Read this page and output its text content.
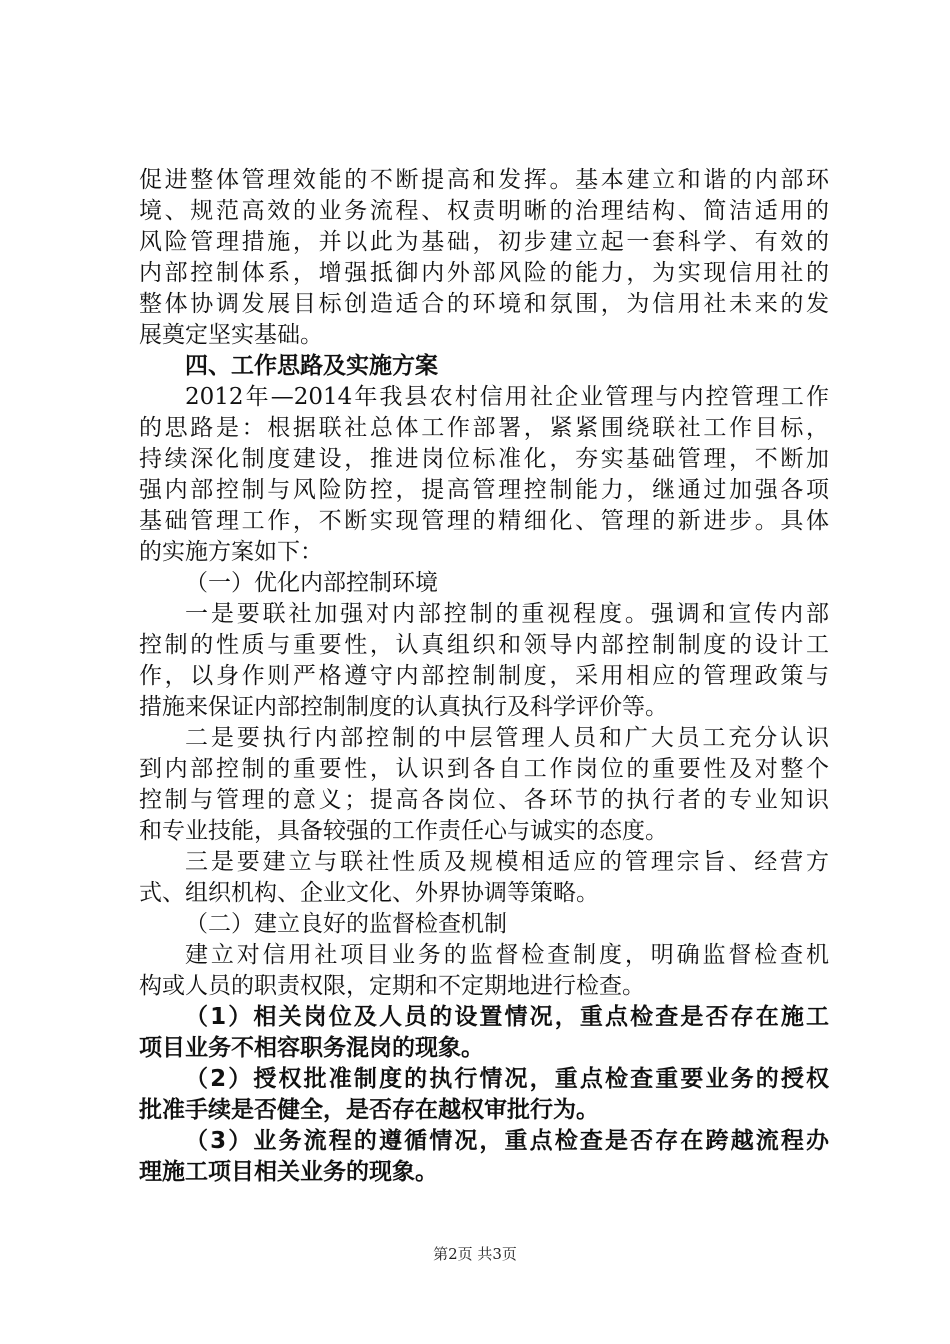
促进整体管理效能的不断提高和发挥。基本建立和谐的内部环
境、规范高效的业务流程、权责明晰的治理结构、简洁适用的
风险管理措施，并以此为基础，初步建立起一套科学、有效的
内部控制体系，增强抵御内外部风险的能力，为实现信用社的
整体协调发展目标创造适合的环境和氛围，为信用社未来的发
展奠定坚实基础。
四、工作思路及实施方案
2012年—2014年我县农村信用社企业管理与内控管理工作
的思路是：根据联社总体工作部署，紧紧围绕联社工作目标，
持续深化制度建设，推进岗位标准化，夯实基础管理，不断加
强内部控制与风险防控，提高管理控制能力，继通过加强各项
基础管理工作，不断实现管理的精细化、管理的新进步。具体
的实施方案如下：
（一）优化内部控制环境
一是要联社加强对内部控制的重视程度。强调和宣传内部
控制的性质与重要性，认真组织和领导内部控制制度的设计工
作，以身作则严格遵守内部控制制度，采用相应的管理政策与
措施来保证内部控制制度的认真执行及科学评价等。
二是要执行内部控制的中层管理人员和广大员工充分认识
到内部控制的重要性，认识到各自工作岗位的重要性及对整个
控制与管理的意义；提高各岗位、各环节的执行者的专业知识
和专业技能，具备较强的工作责任心与诚实的态度。
三是要建立与联社性质及规模相适应的管理宗旨、经营方
式、组织机构、企业文化、外界协调等策略。
（二）建立良好的监督检查机制
建立对信用社项目业务的监督检查制度，明确监督检查机
构或人员的职责权限，定期和不定期地进行检查。
（1）相关岗位及人员的设置情况，重点检查是否存在施工
项目业务不相容职务混岗的现象。
（2）授权批准制度的执行情况，重点检查重要业务的授权
批准手续是否健全，是否存在越权审批行为。
（3）业务流程的遵循情况，重点检查是否存在跨越流程办
理施工项目相关业务的现象。
第2页 共3页
